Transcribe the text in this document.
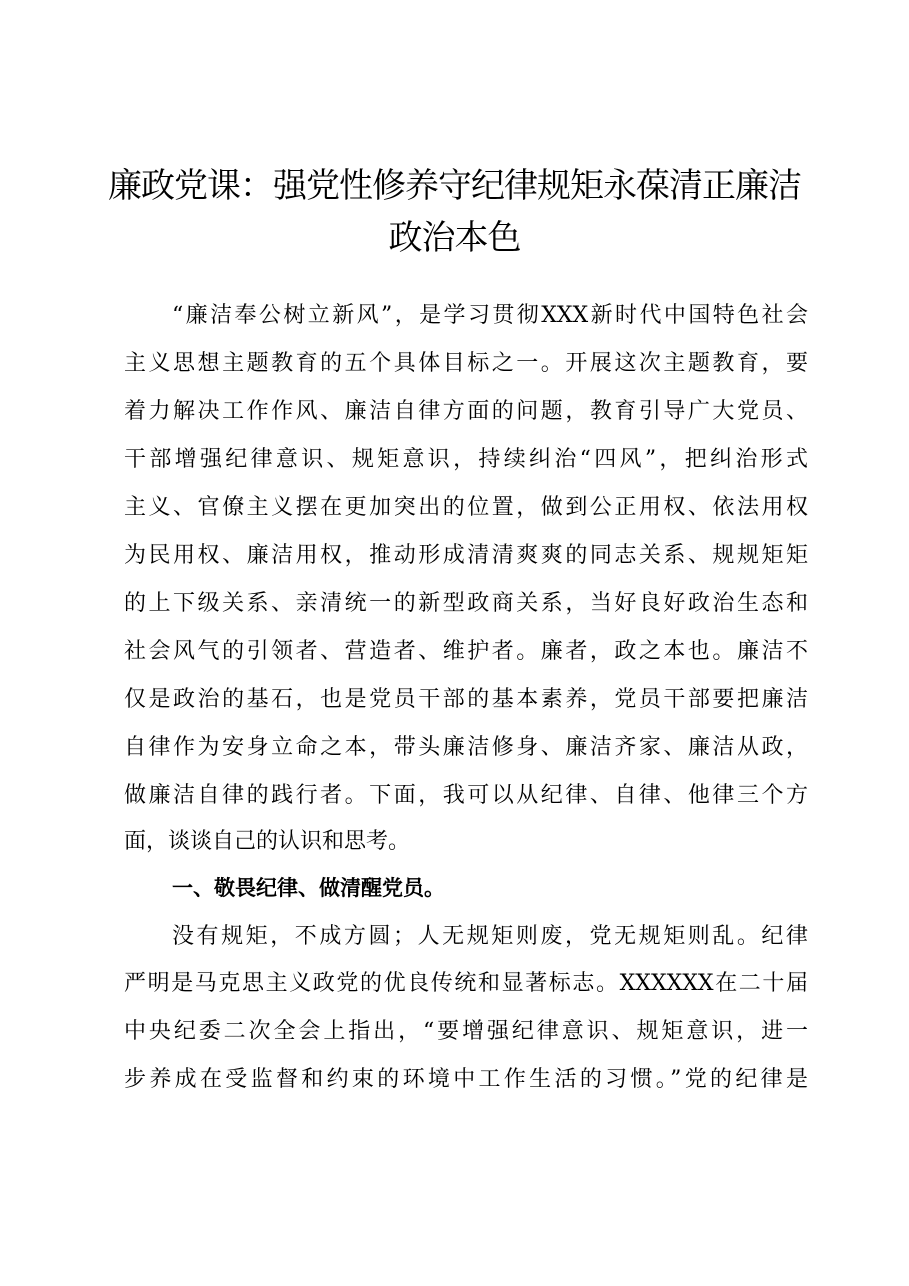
廉政党课：强党性修养守纪律规矩永葆清正廉洁
政治本色
“廉洁奉公树立新风”，是学习贯彻XXX新时代中国特色社会
主义思想主题教育的五个具体目标之一。开展这次主题教育，要
着力解决工作作风、廉洁自律方面的问题，教育引导广大党员、
干部增强纪律意识、规矩意识，持续纠治“四风”，把纠治形式
主义、官僚主义摆在更加突出的位置，做到公正用权、依法用权
为民用权、廉洁用权，推动形成清清爽爽的同志关系、规规矩矩
的上下级关系、亲清统一的新型政商关系，当好良好政治生态和
社会风气的引领者、营造者、维护者。廉者，政之本也。廉洁不
仅是政治的基石，也是党员干部的基本素养，党员干部要把廉洁
自律作为安身立命之本，带头廉洁修身、廉洁齐家、廉洁从政，
做廉洁自律的践行者。下面，我可以从纪律、自律、他律三个方
面，谈谈自己的认识和思考。
一、敬畏纪律、做清醒党员。
没有规矩，不成方圆；人无规矩则废，党无规矩则乱。纪律
严明是马克思主义政党的优良传统和显著标志。XXXXXX在二十届
中央纪委二次全会上指出，“要增强纪律意识、规矩意识，进一
步养成在受监督和约束的环境中工作生活的习惯。”党的纪律是
